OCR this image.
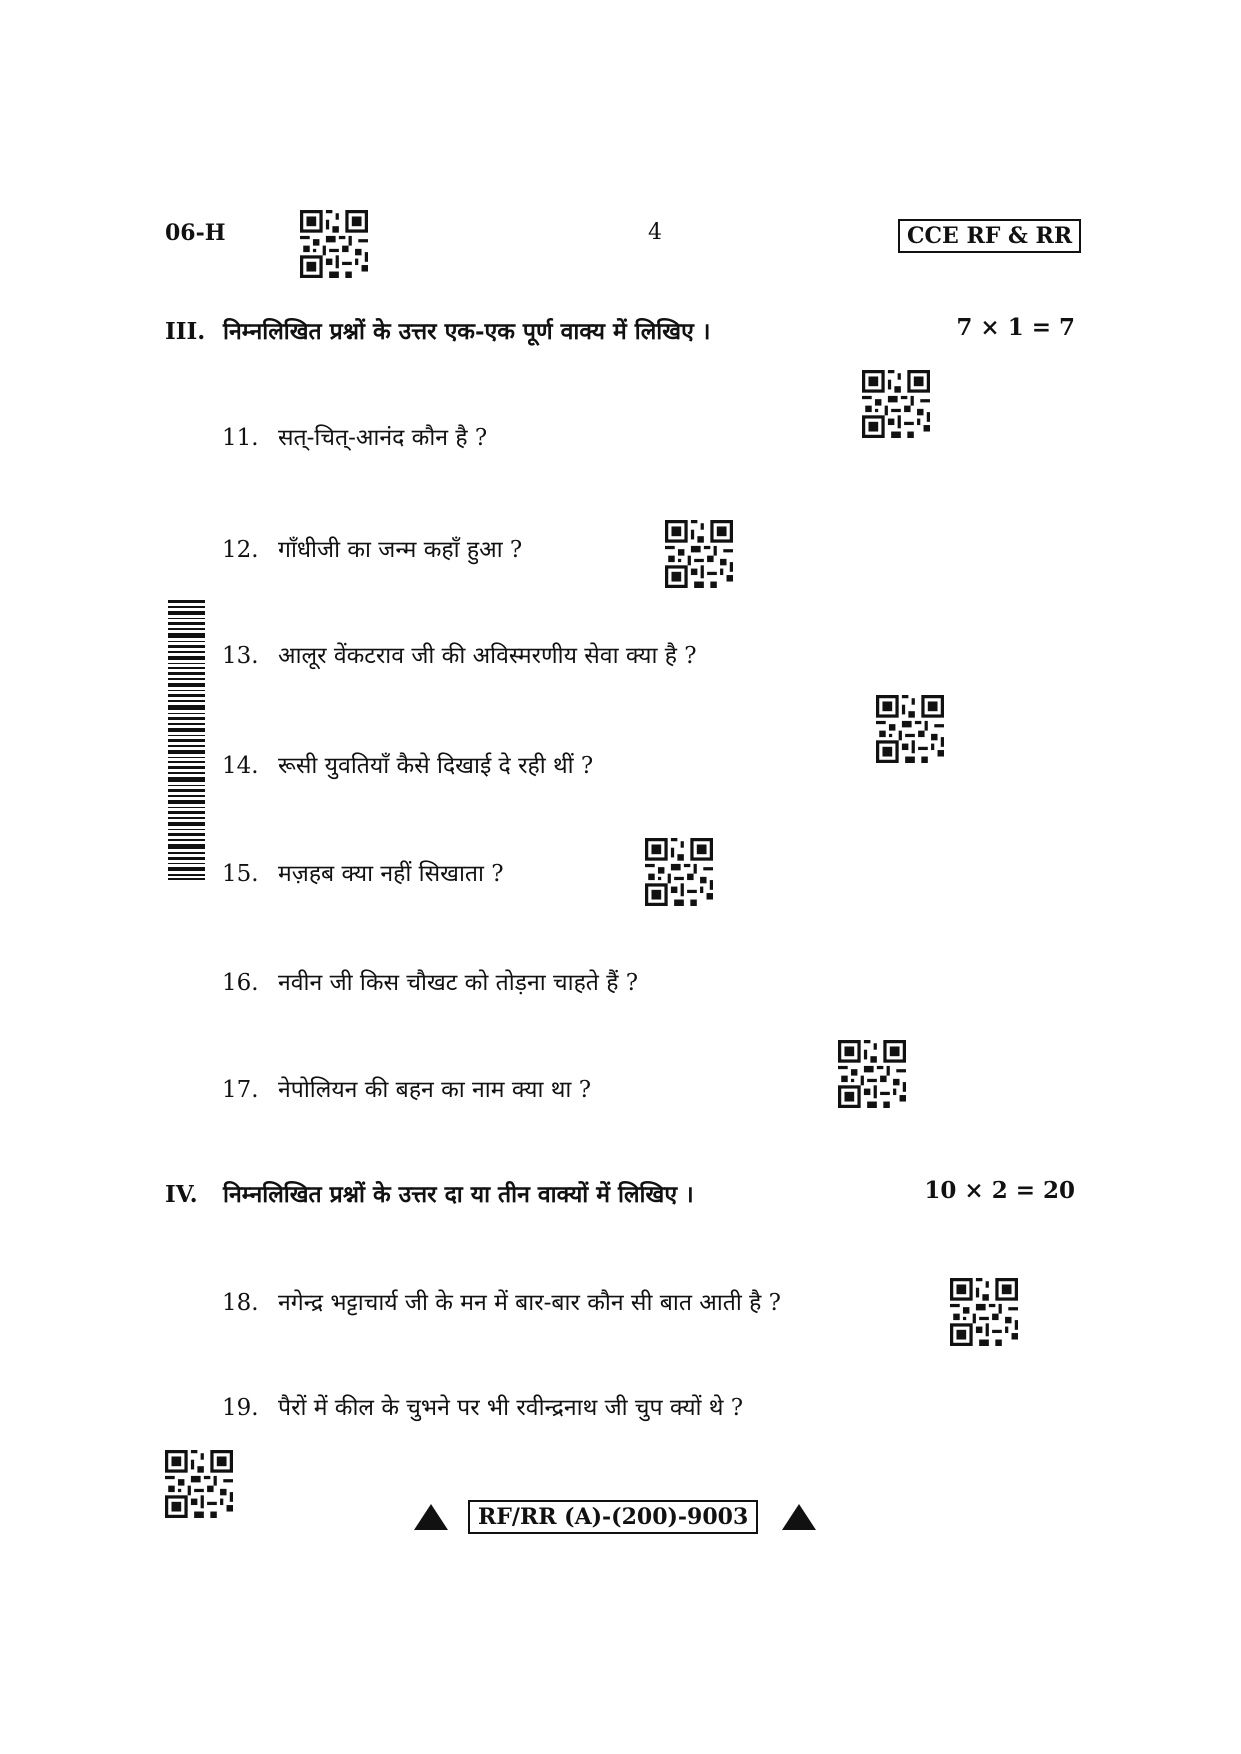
06-H	4	CCE RF & RR
III. निम्नलिखित प्रश्नों के उत्तर एक-एक पूर्ण वाक्य में लिखिए ।	7 × 1 = 7
11. सत्-चित्-आनंद कौन है ?
12. गाँधीजी का जन्म कहाँ हुआ ?
13. आलूर वेंकटराव जी की अविस्मरणीय सेवा क्या है ?
14. रूसी युवतियाँ कैसे दिखाई दे रही थीं ?
15. मज़हब क्या नहीं सिखाता ?
16. नवीन जी किस चौखट को तोड़ना चाहते हैं ?
17. नेपोलियन की बहन का नाम क्या था ?
IV. निम्नलिखित प्रश्नों के उत्तर दा या तीन वाक्यों में लिखिए ।	10 × 2 = 20
18. नगेन्द्र भट्टाचार्य जी के मन में बार-बार कौन सी बात आती है ?
19. पैरों में कील के चुभने पर भी रवीन्द्रनाथ जी चुप क्यों थे ?
RF/RR (A)-(200)-9003
